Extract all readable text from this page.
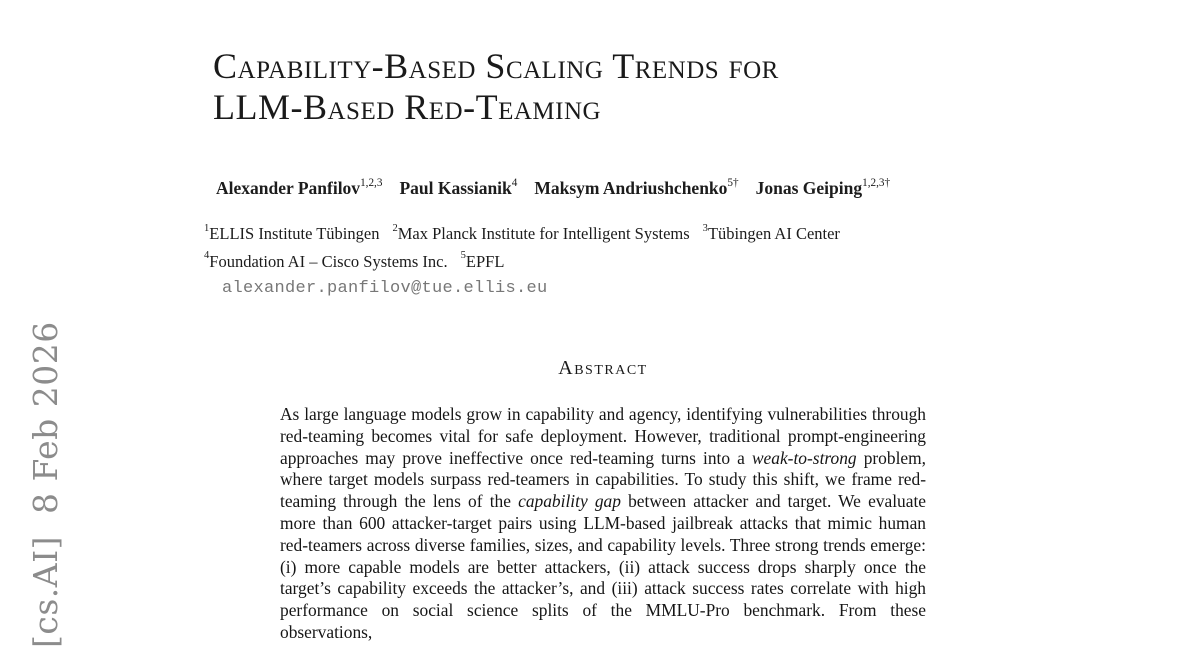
[cs.AI]  8 Feb 2026
Capability-Based Scaling Trends for
LLM-Based Red-Teaming
Alexander Panfilov$^{1,2,3}$ Paul Kassianik$^4$ Maksym Andriushchenko$^{5\dagger}$ Jonas Geiping$^{1,2,3\dagger}$
$^1$ELLIS Institute Tübingen $^2$Max Planck Institute for Intelligent Systems $^3$Tübingen AI Center
$^4$Foundation AI – Cisco Systems Inc. $^5$EPFL
alexander.panfilov@tue.ellis.eu
Abstract

As large language models grow in capability and agency, identifying vulnerabilities through red-teaming becomes vital for safe deployment. However, traditional prompt-engineering approaches may prove ineffective once red-teaming turns into a weak-to-strong problem, where target models surpass red-teamers in capabilities. To study this shift, we frame red-teaming through the lens of the capability gap between attacker and target. We evaluate more than 600 attacker-target pairs using LLM-based jailbreak attacks that mimic human red-teamers across diverse families, sizes, and capability levels. Three strong trends emerge: (i) more capable models are better attackers, (ii) attack success drops sharply once the target’s capability exceeds the attacker’s, and (iii) attack success rates correlate with high performance on social science splits of the MMLU-Pro benchmark. From these observations,
